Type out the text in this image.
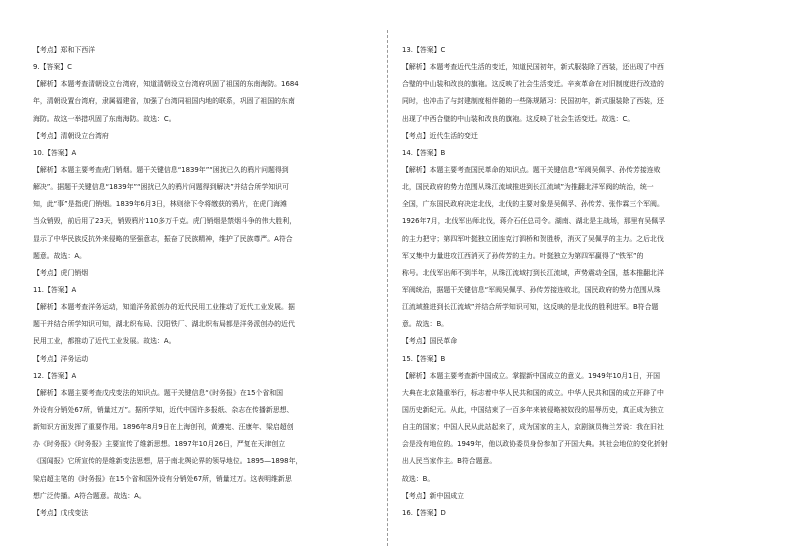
【考点】郑和下西洋
9.【答案】C
【解析】本题考查清朝设立台湾府，知道清朝设立台湾府巩固了祖国的东南海防。1684
年，清朝设置台湾府，隶属福建省，加强了台湾同祖国内地的联系，巩固了祖国的东南
海防。故这一举措巩固了东南海防。故选：C。
【考点】清朝设立台湾府
10.【答案】A
【解析】本题主要考查虎门销烟。题干关键信息“1839年”“困扰已久的鸦片问题得到
解决”。据题干关键信息“1839年”“困扰已久的鸦片问题得到解决”并结合所学知识可
知，此“事”是指虎门销烟。1839年6月3日，林则徐下令将缴获的鸦片，在虎门海滩
当众销毁，前后用了23天，销毁鸦片110多万千克。虎门销烟是禁烟斗争的伟大胜利，
显示了中华民族反抗外来侵略的坚强意志，振奋了民族精神，维护了民族尊严。A符合
题意。故选：A。
【考点】虎门销烟
11.【答案】A
【解析】本题考查洋务运动，知道洋务派创办的近代民用工业推动了近代工业发展。据
题干并结合所学知识可知，湖北织布局、汉阳铁厂、湖北织布局都是洋务派创办的近代
民用工业，都推动了近代工业发展。故选：A。
【考点】洋务运动
12.【答案】A
【解析】本题主要考查戊戌变法的知识点。题干关键信息“《时务报》在15个省和国
外设有分销处67所，销量过万”。据所学知，近代中国许多报纸、杂志在传播新思想、
新知识方面发挥了重要作用。1896年8月9日在上海创刊，黄遵宪、汪康年、梁启超创
办《时务报》《时务报》主要宣传了维新思想。1897年10月26日，严复在天津创立
《国闻报》它所宣传的是维新变法思想，居于南北舆论界的领导地位。1895—1898年，
梁启超主笔的《时务报》在15个省和国外设有分销处67所，销量过万。这表明维新思
想广泛传播。A符合题意。故选：A。
【考点】戊戌变法
13.【答案】C
【解析】本题考查近代生活的变迁，知道民国初年，新式服装除了西装，还出现了中西
合璧的中山装和改良的旗袍。这反映了社会生活变迁。辛亥革命在对旧制度进行改造的
同时，也冲击了与封建制度相伴随的一些陈规陋习：民国初年，新式服装除了西装，还
出现了中西合璧的中山装和改良的旗袍。这反映了社会生活变迁。故选：C。
【考点】近代生活的变迁
14.【答案】B
【解析】本题主要考查国民革命的知识点。题干关键信息“军阀吴佩孚、孙传芳接连败
北，国民政府的势力范围从珠江流域推进到长江流域”为推翻北洋军阀的统治，统一
全国，广东国民政府决定北伐，北伐的主要对象是吴佩孚、孙传芳、张作霖三个军阀。
1926年7月，北伐军出师北伐，蒋介石任总司令。湖南、湖北是主战场，那里有吴佩孚
的主力把守；第四军叶挺独立团连克汀泗桥和贺胜桥，消灭了吴佩孚的主力。之后北伐
军又集中力量进攻江西消灭了孙传芳的主力。叶挺独立为第四军赢得了“铁军”的
称号。北伐军出师不到半年，从珠江流域打到长江流域，声势震动全国，基本推翻北洋
军阀统治，据题干关键信息“军阀吴佩孚、孙传芳接连败北，国民政府的势力范围从珠
江流域推进到长江流域”并结合所学知识可知，这反映的是北伐的胜利进军。B符合题
意。故选：B。
【考点】国民革命
15.【答案】B
【解析】本题主要考查新中国成立。掌握新中国成立的意义。1949年10月1日，开国
大典在北京隆重举行，标志着中华人民共和国的成立。中华人民共和国的成立开辟了中
国历史新纪元。从此，中国结束了一百多年来被侵略被奴役的屈辱历史，真正成为独立
自主的国家；中国人民从此站起来了，成为国家的主人，京剧演员梅兰芳说：我在旧社
会是没有地位的。1949年，他以政协委员身份参加了开国大典。其社会地位的变化折射
出人民当家作主。B符合题意。
故选：B。
【考点】新中国成立
16.【答案】D
